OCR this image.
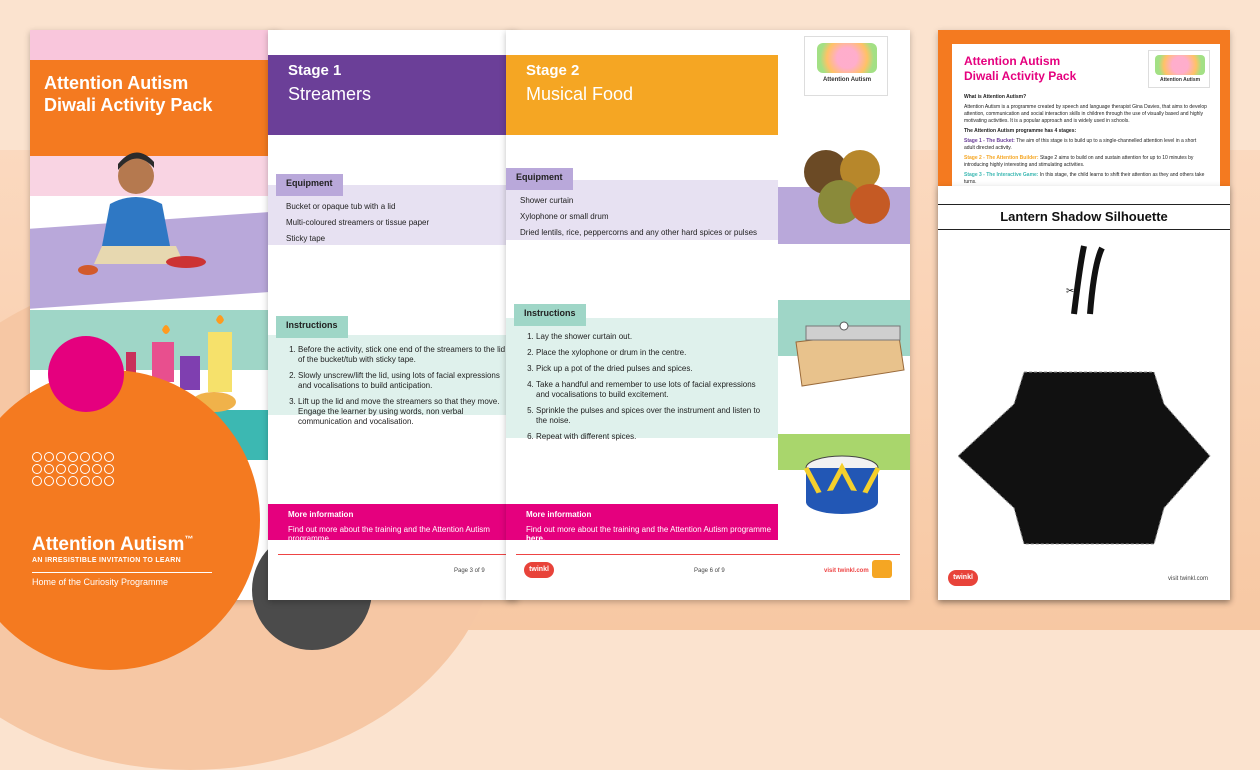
Attention Autism
Diwali Activity Pack
Attention Autism™
AN IRRESISTIBLE INVITATION TO LEARN
Home of the Curiosity Programme
Stage 1
Streamers
Equipment
Bucket or opaque tub with a lid
Multi-coloured streamers or tissue paper
Sticky tape
Instructions
1. Before the activity, stick one end of the streamers to the lid of the bucket/tub with sticky tape.
2. Slowly unscrew/lift the lid, using lots of facial expressions and vocalisations to build anticipation.
3. Lift up the lid and move the streamers so that they move. Engage the learner by using words, non verbal communication and vocalisation.
More information
Find out more about the training and the Attention Autism programme
Page 3 of 9
Stage 2
Musical Food
Attention Autism
Equipment
Shower curtain
Xylophone or small drum
Dried lentils, rice, peppercorns and any other hard spices or pulses
Instructions
1. Lay the shower curtain out.
2. Place the xylophone or drum in the centre.
3. Pick up a pot of the dried pulses and spices.
4. Take a handful and remember to use lots of facial expressions and vocalisations to build excitement.
5. Sprinkle the pulses and spices over the instrument and listen to the noise.
6. Repeat with different spices.
More information
Find out more about the training and the Attention Autism programme here.
twinkl	Page 6 of 9	visit twinkl.com
Attention Autism
Diwali Activity Pack	Attention Autism
What is Attention Autism?
Attention Autism is a programme created by speech and language therapist Gina Davies, that aims to develop attention, communication and social interaction skills in children through the use of visually based and highly motivating activities. It is a popular approach and is widely used in schools.
The Attention Autism programme has 4 stages:
Stage 1 - The Bucket: The aim of this stage is to build up to a single-channelled attention level in a short adult directed activity.
Stage 2 - The Attention Builder: Stage 2 aims to build on and sustain attention for up to 10 minutes by introducing highly interesting and stimulating activities.
Stage 3 - The Interactive Game: In this stage, the child learns to shift their attention as they and others take turns.
Lantern Shadow Silhouette
✂
twinkl	visit twinkl.com
